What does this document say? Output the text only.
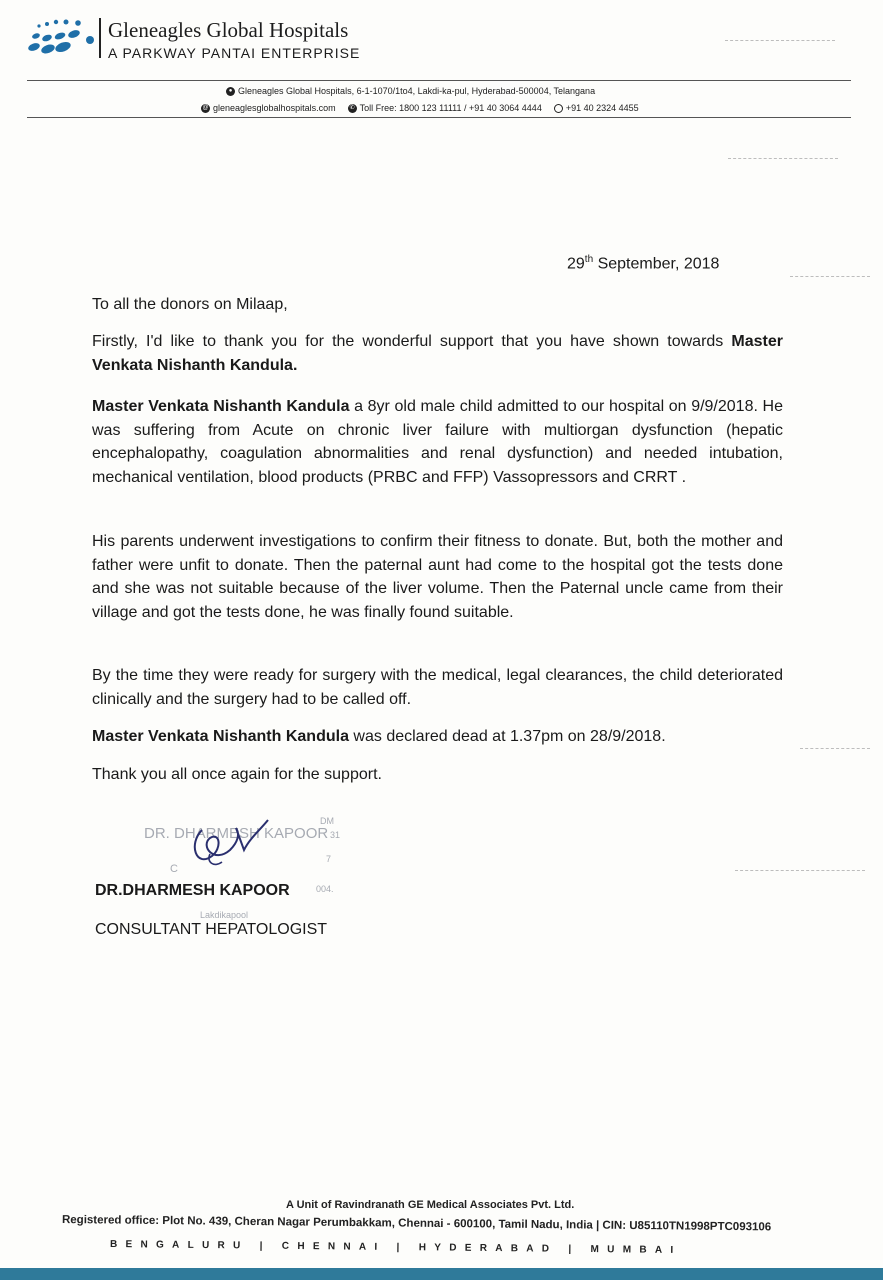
Gleneagles Global Hospitals
A PARKWAY PANTAI ENTERPRISE
● Gleneagles Global Hospitals, 6-1-1070/1to4, Lakdi-ka-pul, Hyderabad-500004, Telangana
@ gleneaglesglobalhospitals.com	✆ Toll Free: 1800 123 11111 / +91 40 3064 4444	+91 40 2324 4455
29th September, 2018
To all the donors on Milaap,
Firstly, I'd like to thank you for the wonderful support that you have shown towards Master Venkata Nishanth Kandula.
Master Venkata Nishanth Kandula a 8yr old male child admitted to our hospital on 9/9/2018. He was suffering from Acute on chronic liver failure with multiorgan dysfunction (hepatic encephalopathy, coagulation abnormalities and renal dysfunction) and needed intubation, mechanical ventilation, blood products (PRBC and FFP) Vassopressors and CRRT .
His parents underwent investigations to confirm their fitness to donate. But, both the mother and father were unfit to donate. Then the paternal aunt had come to the hospital got the tests done and she was not suitable because of the liver volume. Then the Paternal uncle came from their village and got the tests done, he was finally found suitable.
By the time they were ready for surgery with the medical, legal clearances, the child deteriorated clinically and the surgery had to be called off.
Master Venkata Nishanth Kandula was declared dead at 1.37pm on 28/9/2018.
Thank you all once again for the support.
DR. DHARMESH KAPOOR
C
DM
31
7
004.
Lakdikapool
DR.DHARMESH KAPOOR
CONSULTANT HEPATOLOGIST
A Unit of Ravindranath GE Medical Associates Pvt. Ltd.
Registered office: Plot No. 439, Cheran Nagar Perumbakkam, Chennai - 600100, Tamil Nadu, India | CIN: U85110TN1998PTC093106
BENGALURU | CHENNAI | HYDERABAD | MUMBAI
